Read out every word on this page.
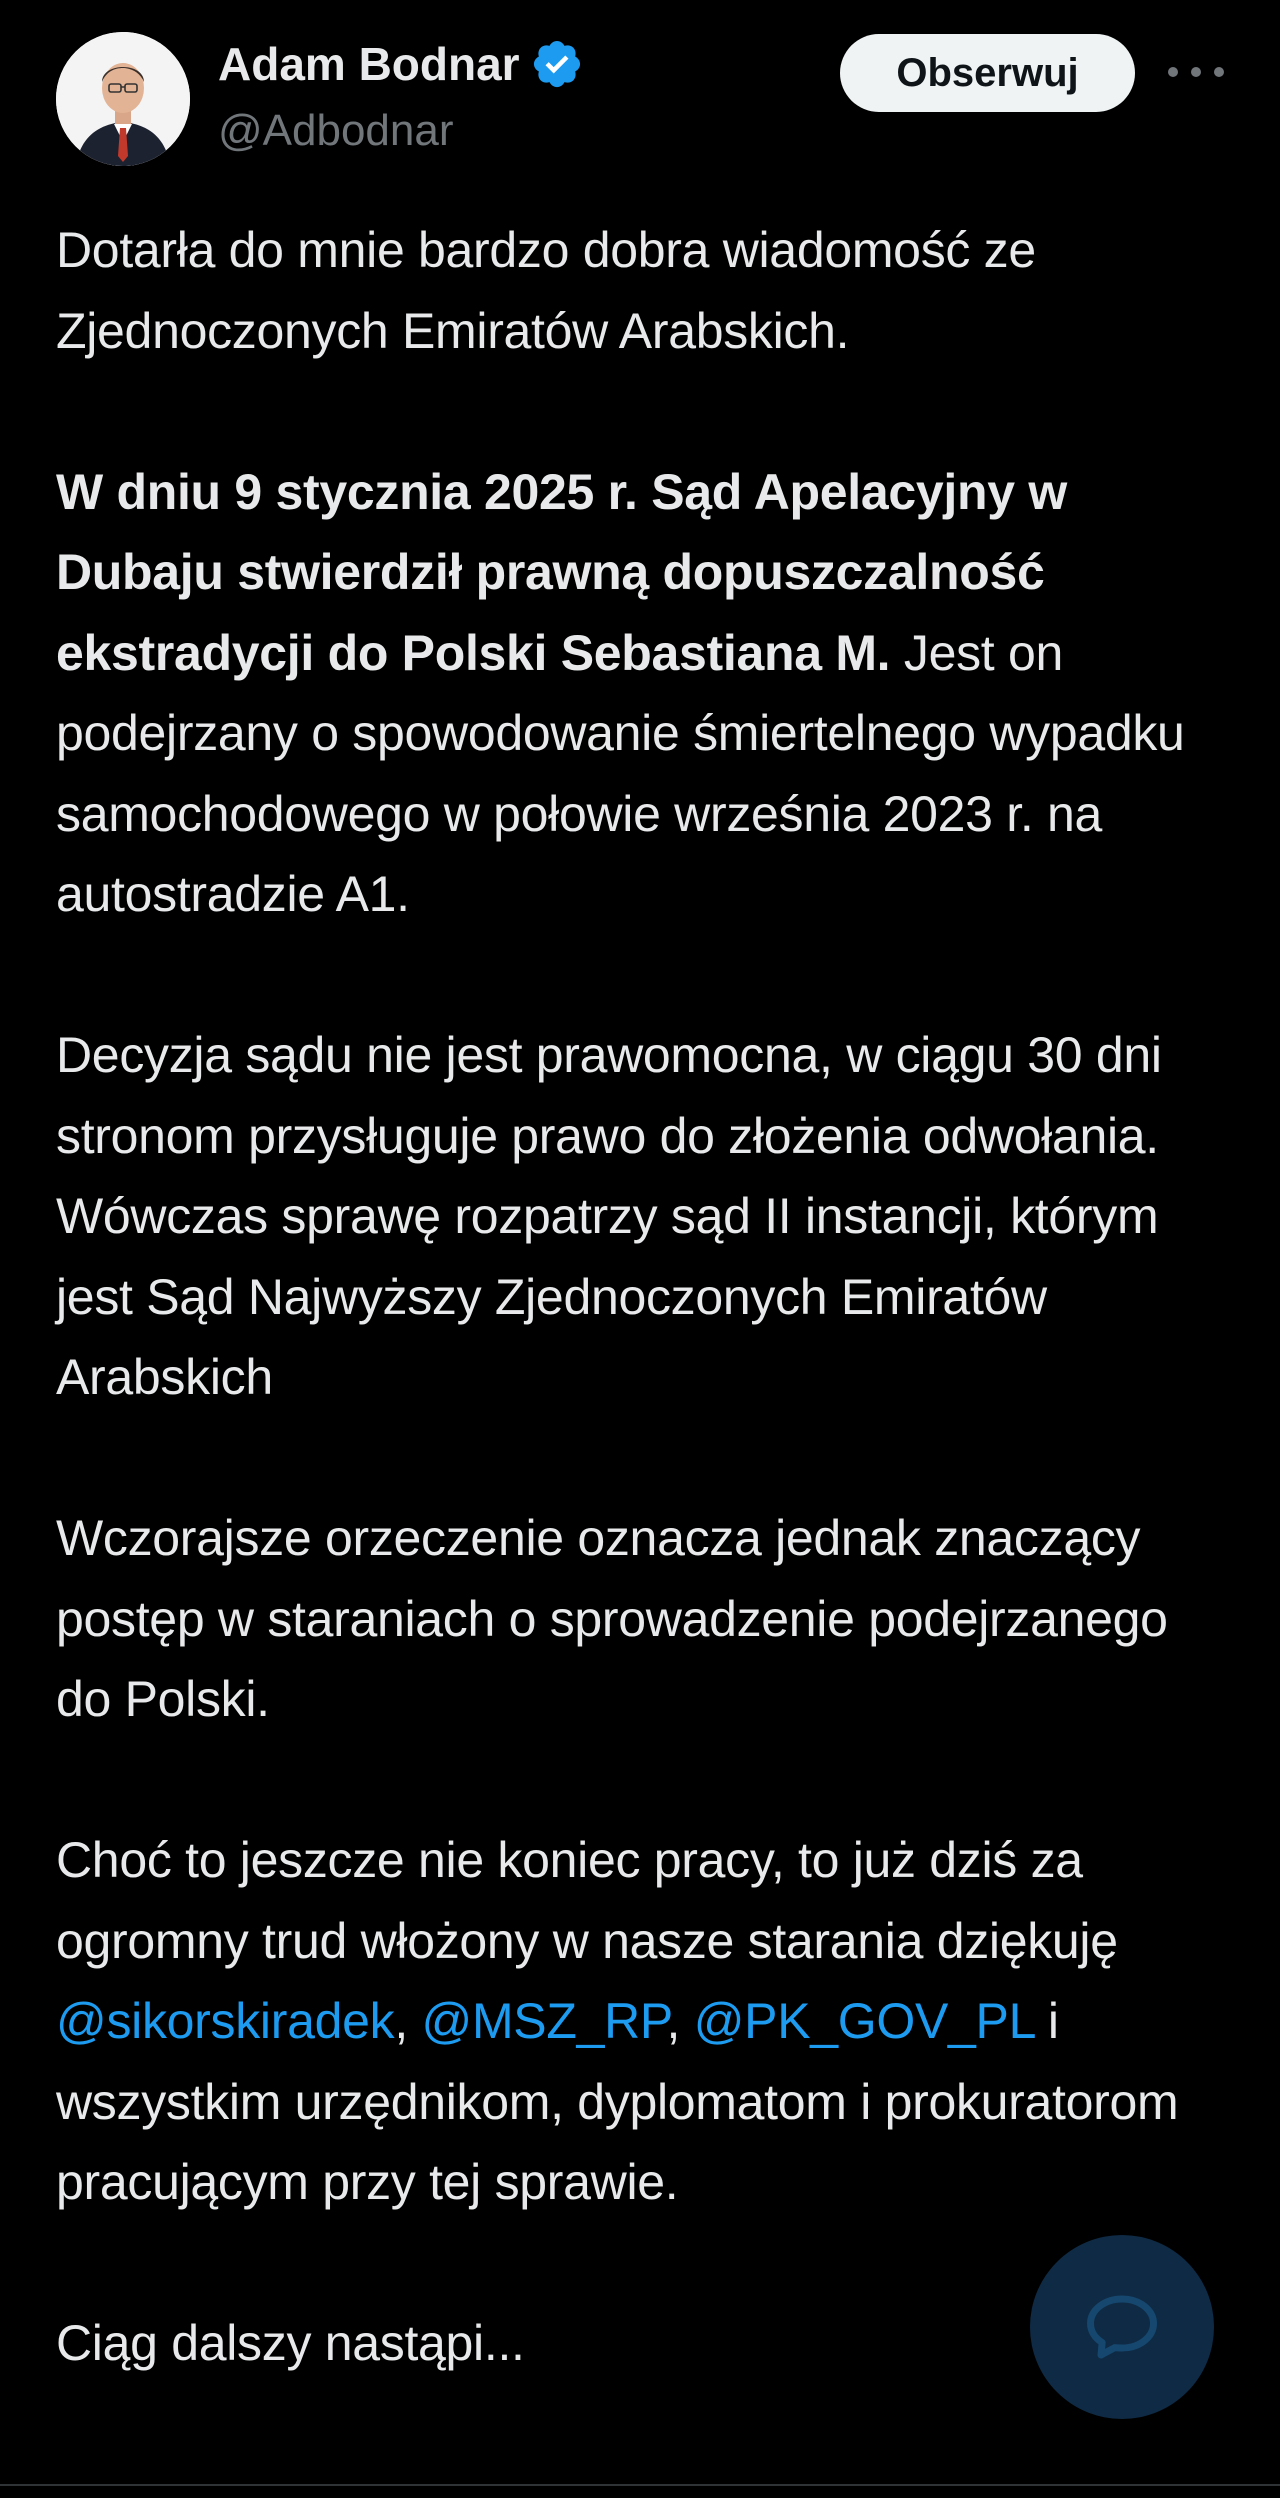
Adam Bodnar
@Adbodnar
Obserwuj

Dotarła do mnie bardzo dobra wiadomość ze Zjednoczonych Emiratów Arabskich.

W dniu 9 stycznia 2025 r. Sąd Apelacyjny w Dubaju stwierdził prawną dopuszczalność ekstradycji do Polski Sebastiana M. Jest on podejrzany o spowodowanie śmiertelnego wypadku samochodowego w połowie września 2023 r. na autostradzie A1.

Decyzja sądu nie jest prawomocna, w ciągu 30 dni stronom przysługuje prawo do złożenia odwołania. Wówczas sprawę rozpatrzy sąd II instancji, którym jest Sąd Najwyższy Zjednoczonych Emiratów Arabskich

Wczorajsze orzeczenie oznacza jednak znaczący postęp w staraniach o sprowadzenie podejrzanego do Polski.

Choć to jeszcze nie koniec pracy, to już dziś za ogromny trud włożony w nasze starania dziękuję @sikorskiradek, @MSZ_RP, @PK_GOV_PL i wszystkim urzędnikom, dyplomatom i prokuratorom pracującym przy tej sprawie.

Ciąg dalszy nastąpi...
